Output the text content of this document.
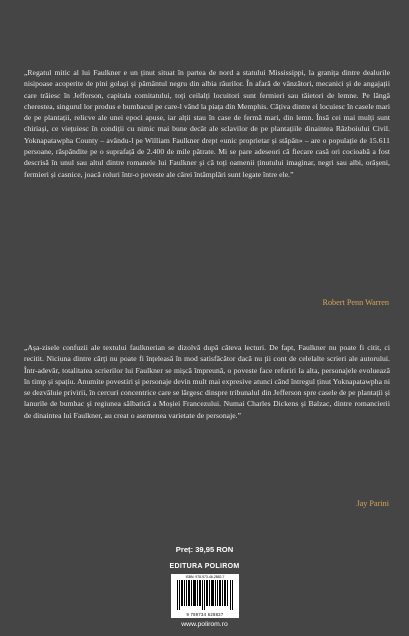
„Regatul mitic al lui Faulkner e un ținut situat în partea de nord a statului Mississippi, la granița dintre dealurile nisipoase acoperite de pini golași și pământul negru din albia râurilor. În afară de vânzători, mecanici și de angajații care trăiesc în Jefferson, capitala comitatului, toți ceilalți locuitori sunt fermieri sau tăietori de lemne. Pe lângă cherestea, singurul lor produs e bumbacul pe care-l vând la piața din Memphis. Câțiva dintre ei locuiesc în casele mari de pe plantații, relicve ale unei epoci apuse, iar alții stau în case de fermă mari, din lemn. Însă cei mai mulți sunt chiriași, ce viețuiesc în condiții cu nimic mai bune decât ale sclavilor de pe plantațiile dinaintea Războiului Civil. Yoknapatawpha County – avându-l pe William Faulkner drept «unic proprietar și stăpân» – are o populație de 15.611 persoane, răspândite pe o suprafață de 2.400 de mile pătrate. Mi se pare adeseori că fiecare casă ori cocioabă a fost descrisă în unul sau altul dintre romanele lui Faulkner și că toți oamenii ținutului imaginar, negri sau albi, orășeni, fermieri și casnice, joacă roluri într-o poveste ale cărei întâmplări sunt legate între ele.”

Robert Penn Warren

„Așa-zisele confuzii ale textului faulknerian se dizolvă după câteva lecturi. De fapt, Faulkner nu poate fi citit, ci recitit. Niciuna dintre cărți nu poate fi înțeleasă în mod satisfăcător dacă nu ții cont de celelalte scrieri ale autorului. Într-adevăr, totalitatea scrierilor lui Faulkner se mișcă împreună, o poveste face referiri la alta, personajele evoluează în timp și spațiu. Anumite povestiri și personaje devin mult mai expresive atunci când întregul ținut Yoknapatawpha ni se dezvăluie privirii, în cercuri concentrice care se lărgesc dinspre tribunalul din Jefferson spre casele de pe plantații și lanurile de bumbac și regiunea sălbatică a Moșiei Francezului. Numai Charles Dickens și Balzac, dintre romancierii de dinaintea lui Faulkner, au creat o asemenea varietate de personaje.”

Jay Parini
Preț: 39,95 RON
EDITURA POLIROM
ISBN: 978-973-46-2882-7
9 789734 628827
www.polirom.ro
